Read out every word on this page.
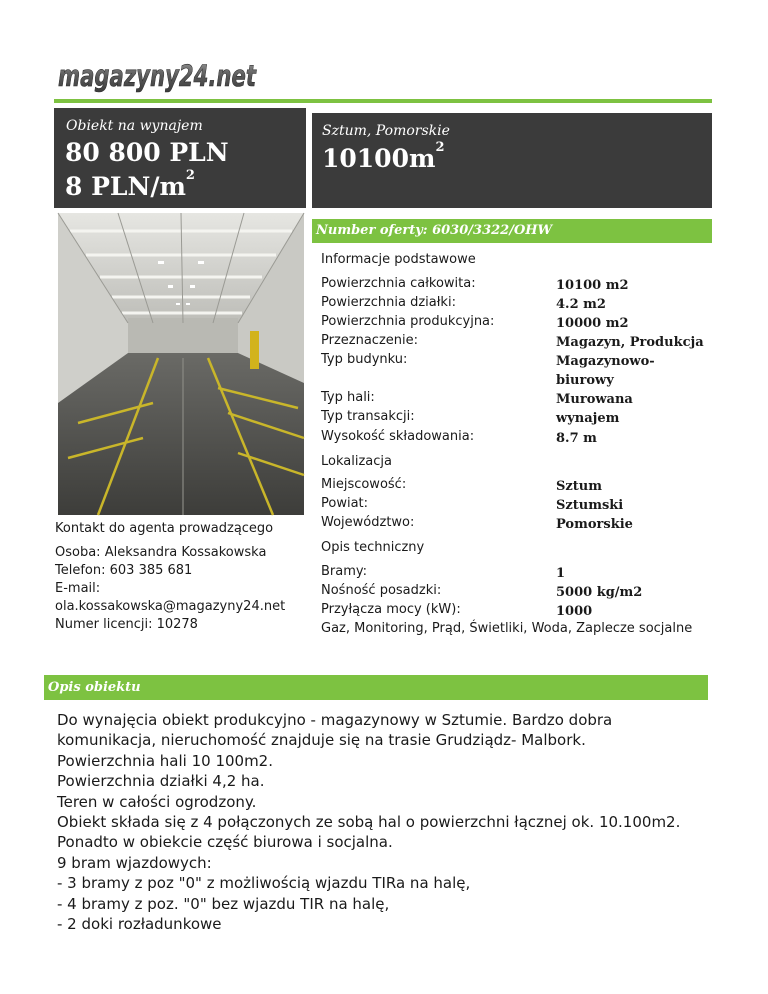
magazyny24.net
Obiekt na wynajem
80 800 PLN
8 PLN/$m^2$
Sztum, Pomorskie
$10100m^2$
Number oferty: 6030/3322/OHW
Informacje podstawowe
Powierzchnia całkowita:	10100 m2
Powierzchnia działki:	4.2 m2
Powierzchnia produkcyjna:	10000 m2
Przeznaczenie:	Magazyn, Produkcja
Typ budynku:	Magazynowo-
biurowy
Typ hali:	Murowana
Typ transakcji:	wynajem
Wysokość składowania:	8.7 m
Lokalizacja
Miejscowość:	Sztum
Powiat:	Sztumski
Województwo:	Pomorskie
Opis techniczny
Bramy:	1
Nośność posadzki:	5000 kg/m2
Przyłącza mocy (kW):	1000
Gaz, Monitoring, Prąd, Świetliki, Woda, Zaplecze socjalne
Kontakt do agenta prowadzącego
Osoba: Aleksandra Kossakowska
Telefon: 603 385 681
E-mail:
ola.kossakowska@magazyny24.net
Numer licencji: 10278
Opis obiektu
Do wynajęcia obiekt produkcyjno - magazynowy w Sztumie. Bardzo dobra
komunikacja, nieruchomość znajduje się na trasie Grudziądz- Malbork.
Powierzchnia hali 10 100m2.
Powierzchnia działki 4,2 ha.
Teren w całości ogrodzony.
Obiekt składa się z 4 połączonych ze sobą hal o powierzchni łącznej ok. 10.100m2.
Ponadto w obiekcie część biurowa i socjalna.
9 bram wjazdowych:
- 3 bramy z poz "0" z możliwością wjazdu TIRa na halę,
- 4 bramy z poz. "0" bez wjazdu TIR na halę,
- 2 doki rozładunkowe
